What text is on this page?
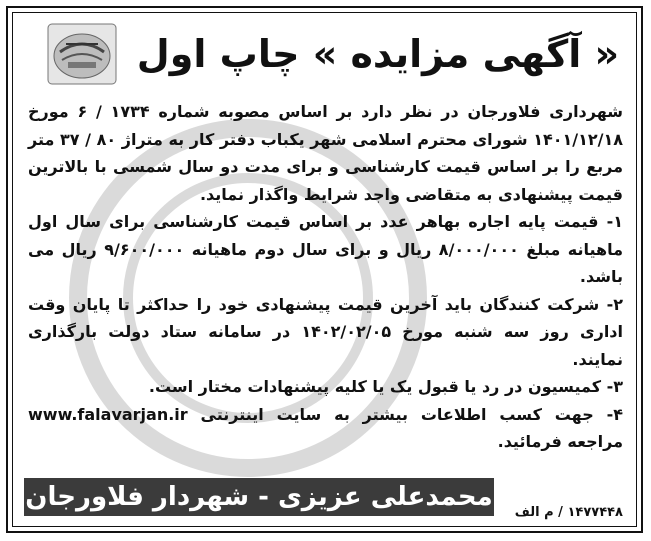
« آگهی مزایده » چاپ اول

شهرداری فلاورجان در نظر دارد بر اساس مصوبه شماره ۱۷۳۴ / ۶ مورخ ۱۴۰۱/۱۲/۱۸ شورای محترم اسلامی شهر یکباب دفتر کار به متراژ ۸۰ / ۳۷ متر مربع را بر اساس قیمت کارشناسی و برای مدت دو سال شمسی با بالاترین قیمت پیشنهادی به متقاضی واجد شرایط واگذار نماید.

۱- قیمت پایه اجاره بهاهر عدد بر اساس قیمت کارشناسی برای سال اول ماهیانه مبلغ ۸/۰۰۰/۰۰۰ ریال و برای سال دوم ماهیانه ۹/۶۰۰/۰۰۰ ریال می باشد.

۲- شرکت کنندگان باید آخرین قیمت پیشنهادی خود را حداکثر تا پایان وقت اداری روز سه شنبه مورخ ۱۴۰۲/۰۲/۰۵ در سامانه ستاد دولت بارگذاری نمایند.

۳- کمیسیون در رد یا قبول یک یا کلیه پیشنهادات مختار است.

۴- جهت کسب اطلاعات بیشتر به سایت اینترنتی www.falavarjan.ir مراجعه فرمائید.

محمدعلی عزیزی - شهردار فلاورجان
۱۴۷۷۴۴۸ / م الف
